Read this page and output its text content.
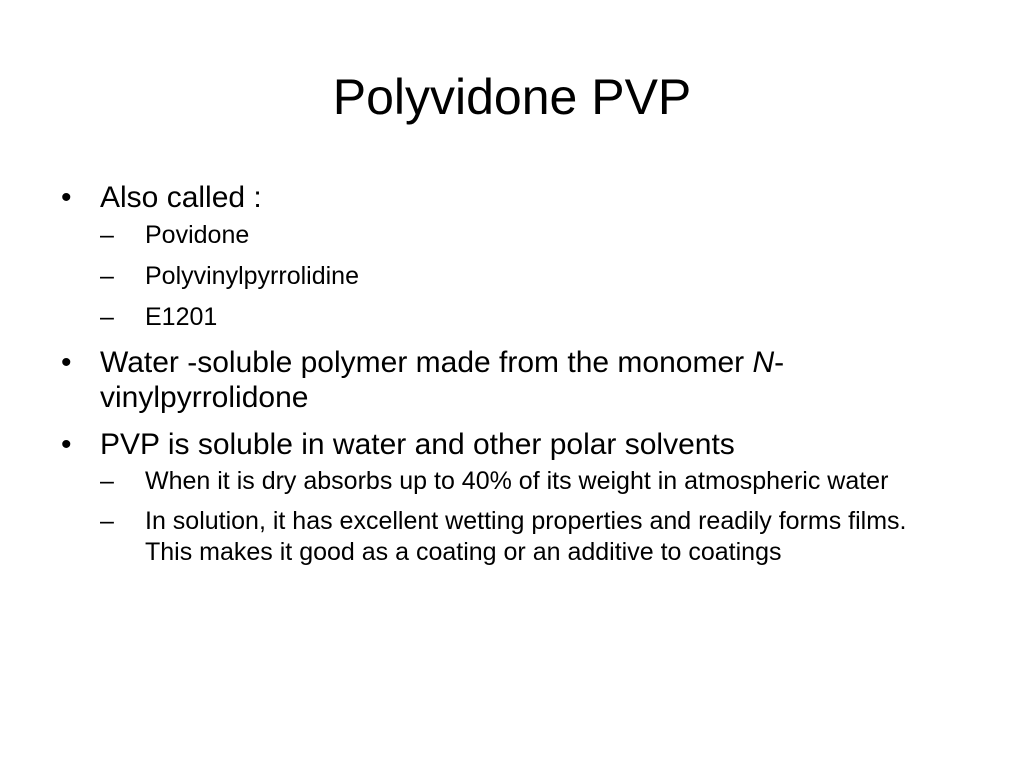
Polyvidone PVP
• Also called :
–	Povidone
–	Polyvinylpyrrolidine
–	E1201
• Water -soluble polymer made from the monomer N-vinylpyrrolidone
• PVP is soluble in water and other polar solvents
–	When it is dry absorbs up to 40% of its weight in atmospheric water
–	In solution, it has excellent wetting properties and readily forms films. This makes it good as a coating or an additive to coatings
